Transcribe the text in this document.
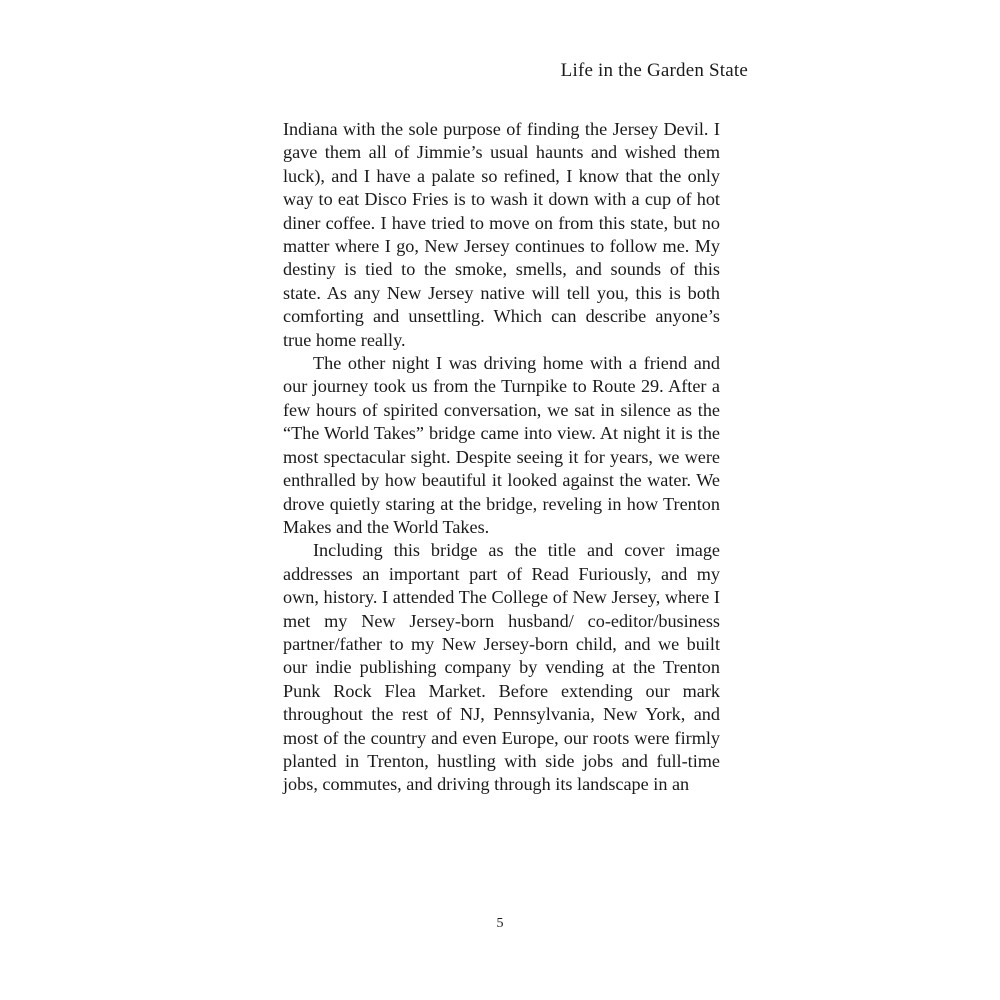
Life in the Garden State

Indiana with the sole purpose of finding the Jersey Devil. I gave them all of Jimmie’s usual haunts and wished them luck), and I have a palate so refined, I know that the only way to eat Disco Fries is to wash it down with a cup of hot diner coffee. I have tried to move on from this state, but no matter where I go, New Jersey continues to follow me. My destiny is tied to the smoke, smells, and sounds of this state. As any New Jersey native will tell you, this is both comforting and unsettling. Which can describe anyone’s true home really.

The other night I was driving home with a friend and our journey took us from the Turnpike to Route 29. After a few hours of spirited conversation, we sat in silence as the “The World Takes” bridge came into view. At night it is the most spectacular sight. Despite seeing it for years, we were enthralled by how beautiful it looked against the water. We drove quietly staring at the bridge, reveling in how Trenton Makes and the World Takes.

Including this bridge as the title and cover image addresses an important part of Read Furiously, and my own, history. I attended The College of New Jersey, where I met my New Jersey-born husband/ co-editor/business partner/father to my New Jersey-born child, and we built our indie publishing company by vending at the Trenton Punk Rock Flea Market. Before extending our mark throughout the rest of NJ, Pennsylvania, New York, and most of the country and even Europe, our roots were firmly planted in Trenton, hustling with side jobs and full-time jobs, commutes, and driving through its landscape in an

5
